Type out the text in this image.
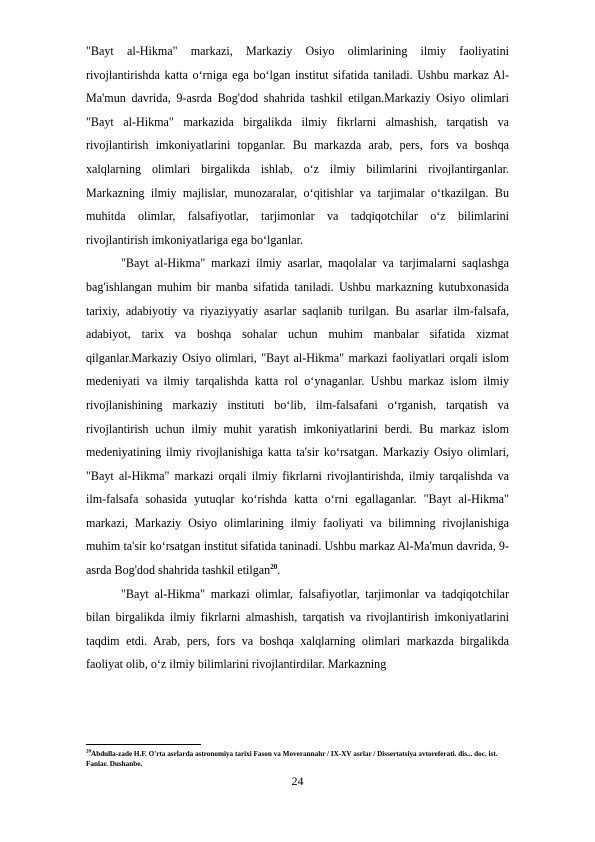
"Bayt al-Hikma" markazi, Markaziy Osiyo olimlarining ilmiy faoliyatini rivojlantirishda katta o‘rniga ega bo‘lgan institut sifatida taniladi. Ushbu markaz Al-Ma'mun davrida, 9-asrda Bog'dod shahrida tashkil etilgan.Markaziy Osiyo olimlari "Bayt al-Hikma" markazida birgalikda ilmiy fikrlarni almashish, tarqatish va rivojlantirish imkoniyatlarini topganlar. Bu markazda arab, pers, fors va boshqa xalqlarning olimlari birgalikda ishlab, o‘z ilmiy bilimlarini rivojlantirganlar. Markazning ilmiy majlislar, munozaralar, o‘qitishlar va tarjimalar o‘tkazilgan. Bu muhitda olimlar, falsafiyotlar, tarjimonlar va tadqiqotchilar o‘z bilimlarini rivojlantirish imkoniyatlariga ega bo‘lganlar.

"Bayt al-Hikma" markazi ilmiy asarlar, maqolalar va tarjimalarni saqlashga bag'ishlangan muhim bir manba sifatida taniladi. Ushbu markazning kutubxonasida tarixiy, adabiyotiy va riyaziyyatiy asarlar saqlanib turilgan. Bu asarlar ilm-falsafa, adabiyot, tarix va boshqa sohalar uchun muhim manbalar sifatida xizmat qilganlar.Markaziy Osiyo olimlari, "Bayt al-Hikma" markazi faoliyatlari orqali islom medeniyati va ilmiy tarqalishda katta rol o‘ynaganlar. Ushbu markaz islom ilmiy rivojlanishining markaziy instituti bo‘lib, ilm-falsafani o‘rganish, tarqatish va rivojlantirish uchun ilmiy muhit yaratish imkoniyatlarini berdi. Bu markaz islom medeniyatining ilmiy rivojlanishiga katta ta'sir ko‘rsatgan. Markaziy Osiyo olimlari, "Bayt al-Hikma" markazi orqali ilmiy fikrlarni rivojlantirishda, ilmiy tarqalishda va ilm-falsafa sohasida yutuqlar ko‘rishda katta o‘rni egallaganlar. "Bayt al-Hikma" markazi, Markaziy Osiyo olimlarining ilmiy faoliyati va bilimning rivojlanishiga muhim ta'sir ko‘rsatgan institut sifatida taninadi. Ushbu markaz Al-Ma'mun davrida, 9-asrda Bog'dod shahrida tashkil etilgan$^{20}$.

"Bayt al-Hikma" markazi olimlar, falsafiyotlar, tarjimonlar va tadqiqotchilar bilan birgalikda ilmiy fikrlarni almashish, tarqatish va rivojlantirish imkoniyatlarini taqdim etdi. Arab, pers, fors va boshqa xalqlarning olimlari markazda birgalikda faoliyat olib, o‘z ilmiy bilimlarini rivojlantirdilar. Markazning

$^{20}$Abdulla-zade H.F. O'rta asrlarda astronomiya tarixi Fason va Moverannahr / IX-XV asrlar / Dissertatsiya avtoreferati. dis... doc. ist. Fanlar. Dushanbe.

24
